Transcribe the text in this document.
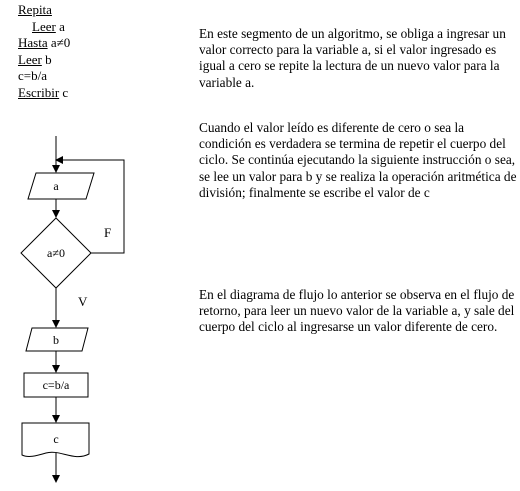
Repita
Leer a
Hasta a≠0
Leer b
c=b/a
Escribir c
En este segmento de un algoritmo, se obliga a ingresar un valor correcto para la variable a, si el valor ingresado es igual a cero se repite la lectura de un nuevo valor para la variable a.
Cuando el valor leído es diferente de cero o sea la condición es verdadera se termina de repetir el cuerpo del ciclo. Se continúa ejecutando la siguiente instrucción o sea, se lee un valor para b y se realiza la operación aritmética de división; finalmente se escribe el valor de c
En el diagrama de flujo lo anterior se observa en el flujo de retorno, para leer un nuevo valor de la variable a, y sale del cuerpo del ciclo al ingresarse un valor diferente de cero.
a
a≠0
F
V
b
c=b/a
c
